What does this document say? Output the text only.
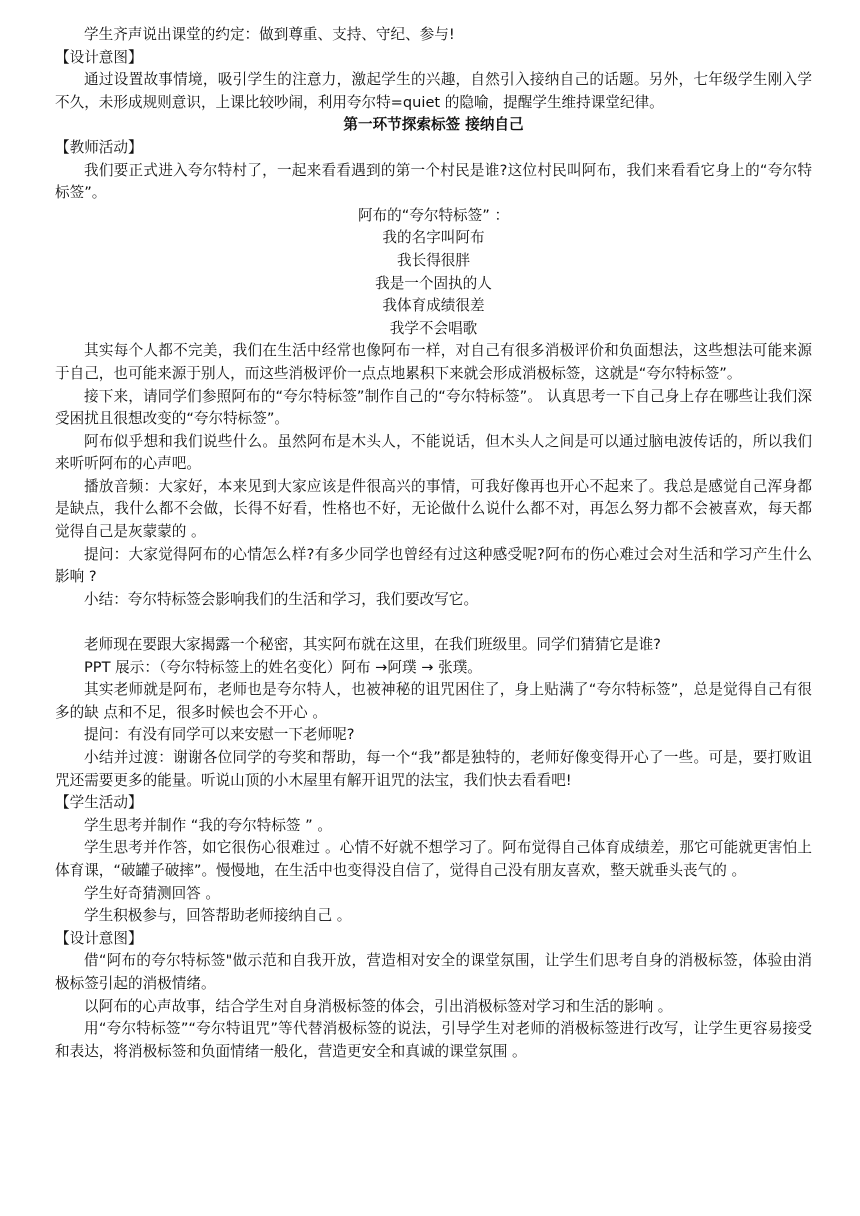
学生齐声说出课堂的约定：做到尊重、支持、守纪、参与!

【设计意图】

通过设置故事情境，吸引学生的注意力，激起学生的兴趣，自然引入接纳自己的话题。另外，七年级学生刚入学不久，未形成规则意识，上课比较吵闹，利用夸尔特=quiet 的隐喻，提醒学生维持课堂纪律。

第一环节探索标签 接纳自己

【教师活动】

我们要正式进入夸尔特村了，一起来看看遇到的第一个村民是谁?这位村民叫阿布，我们来看看它身上的“夸尔特标签”。

阿布的“夸尔特标签” ：

我的名字叫阿布

我长得很胖

我是一个固执的人

我体育成绩很差

我学不会唱歌

其实每个人都不完美，我们在生活中经常也像阿布一样，对自己有很多消极评价和负面想法，这些想法可能来源于自己，也可能来源于别人，而这些消极评价一点点地累积下来就会形成消极标签，这就是“夸尔特标签”。

接下来，请同学们参照阿布的“夸尔特标签”制作自己的“夸尔特标签”。 认真思考一下自己身上存在哪些让我们深受困扰且很想改变的“夸尔特标签”。

阿布似乎想和我们说些什么。虽然阿布是木头人，不能说话，但木头人之间是可以通过脑电波传话的，所以我们来听听阿布的心声吧。

播放音频：大家好，本来见到大家应该是件很高兴的事情，可我好像再也开心不起来了。我总是感觉自己浑身都是缺点，我什么都不会做，长得不好看，性格也不好，无论做什么说什么都不对，再怎么努力都不会被喜欢，每天都觉得自己是灰蒙蒙的 。

提问：大家觉得阿布的心情怎么样?有多少同学也曾经有过这种感受呢?阿布的伤心难过会对生活和学习产生什么影响 ?

小结：夸尔特标签会影响我们的生活和学习，我们要改写它。

老师现在要跟大家揭露一个秘密，其实阿布就在这里，在我们班级里。同学们猜猜它是谁?

PPT 展示：（夸尔特标签上的姓名变化）阿布 →阿璞 → 张璞。

其实老师就是阿布，老师也是夸尔特人，也被神秘的诅咒困住了，身上贴满了“夸尔特标签”，总是觉得自己有很多的缺 点和不足，很多时候也会不开心 。

提问：有没有同学可以来安慰一下老师呢?

小结并过渡：谢谢各位同学的夸奖和帮助，每一个“我”都是独特的，老师好像变得开心了一些。可是，要打败诅咒还需要更多的能量。听说山顶的小木屋里有解开诅咒的法宝，我们快去看看吧!

【学生活动】

学生思考并制作 “我的夸尔特标签 ” 。

学生思考并作答，如它很伤心很难过 。心情不好就不想学习了。阿布觉得自己体育成绩差，那它可能就更害怕上体育课，“破罐子破摔”。慢慢地，在生活中也变得没自信了，觉得自己没有朋友喜欢，整天就垂头丧气的 。

学生好奇猜测回答 。

学生积极参与，回答帮助老师接纳自己 。

【设计意图】

借“阿布的夸尔特标签"做示范和自我开放，营造相对安全的课堂氛围，让学生们思考自身的消极标签，体验由消极标签引起的消极情绪。

以阿布的心声故事，结合学生对自身消极标签的体会，引出消极标签对学习和生活的影响 。

用“夸尔特标签”“夸尔特诅咒”等代替消极标签的说法，引导学生对老师的消极标签进行改写，让学生更容易接受和表达，将消极标签和负面情绪一般化，营造更安全和真诚的课堂氛围 。
